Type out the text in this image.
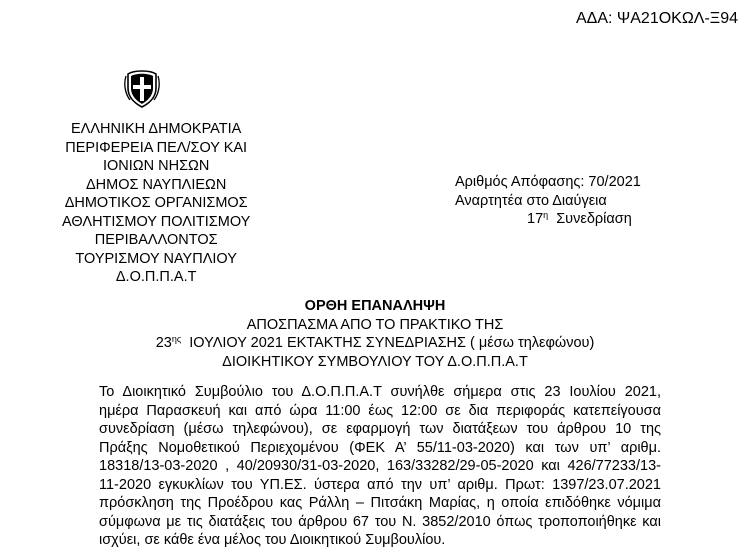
ΑΔΑ: ΨΑ21ΟΚΩΛ-Ξ94
ΕΛΛΗΝΙΚΗ ΔΗΜΟΚΡΑΤΙΑ
ΠΕΡΙΦΕΡΕΙΑ ΠΕΛ/ΣΟΥ ΚΑΙ
ΙΟΝΙΩΝ ΝΗΣΩΝ
ΔΗΜΟΣ ΝΑΥΠΛΙΕΩΝ
ΔΗΜΟΤΙΚΟΣ ΟΡΓΑΝΙΣΜΟΣ
ΑΘΛΗΤΙΣΜΟΥ ΠΟΛΙΤΙΣΜΟΥ
ΠΕΡΙΒΑΛΛΟΝΤΟΣ
ΤΟΥΡΙΣΜΟΥ ΝΑΥΠΛΙΟΥ
Δ.Ο.Π.Π.Α.Τ
Αριθμός Απόφασης: 70/2021
Αναρτητέα στο Διαύγεια
$17^\eta$ Συνεδρίαση
ΟΡΘΗ ΕΠΑΝΑΛΗΨΗ
ΑΠΟΣΠΑΣΜΑ ΑΠΟ ΤΟ ΠΡΑΚΤΙΚΟ ΤΗΣ
$23^{\eta\varsigma}$ ΙΟΥΛΙΟΥ 2021 ΕΚΤΑΚΤΗΣ ΣΥΝΕΔΡΙΑΣΗΣ ( μέσω τηλεφώνου)
ΔΙΟΙΚΗΤΙΚΟΥ ΣΥΜΒΟΥΛΙΟΥ ΤΟΥ Δ.Ο.Π.Π.Α.Τ
Το Διοικητικό Συμβούλιο του Δ.Ο.Π.Π.Α.Τ συνήλθε σήμερα στις 23 Ιουλίου 2021,
ημέρα Παρασκευή και από ώρα 11:00 έως 12:00 σε δια περιφοράς κατεπείγουσα
συνεδρίαση (μέσω τηλεφώνου), σε εφαρμογή των διατάξεων του άρθρου 10 της
Πράξης Νομοθετικού Περιεχομένου (ΦΕΚ Α’ 55/11-03-2020) και των υπ’ αριθμ.
18318/13-03-2020 , 40/20930/31-03-2020, 163/33282/29-05-2020 και 426/77233/13-
11-2020 εγκυκλίων του ΥΠ.ΕΣ. ύστερα από την υπ’ αριθμ. Πρωτ: 1397/23.07.2021
πρόσκληση της Προέδρου κας Ράλλη – Πιτσάκη Μαρίας, η οποία επιδόθηκε νόμιμα
σύμφωνα με τις διατάξεις του άρθρου 67 του Ν. 3852/2010 όπως τροποποιήθηκε και
ισχύει, σε κάθε ένα μέλος του Διοικητικού Συμβουλίου.
